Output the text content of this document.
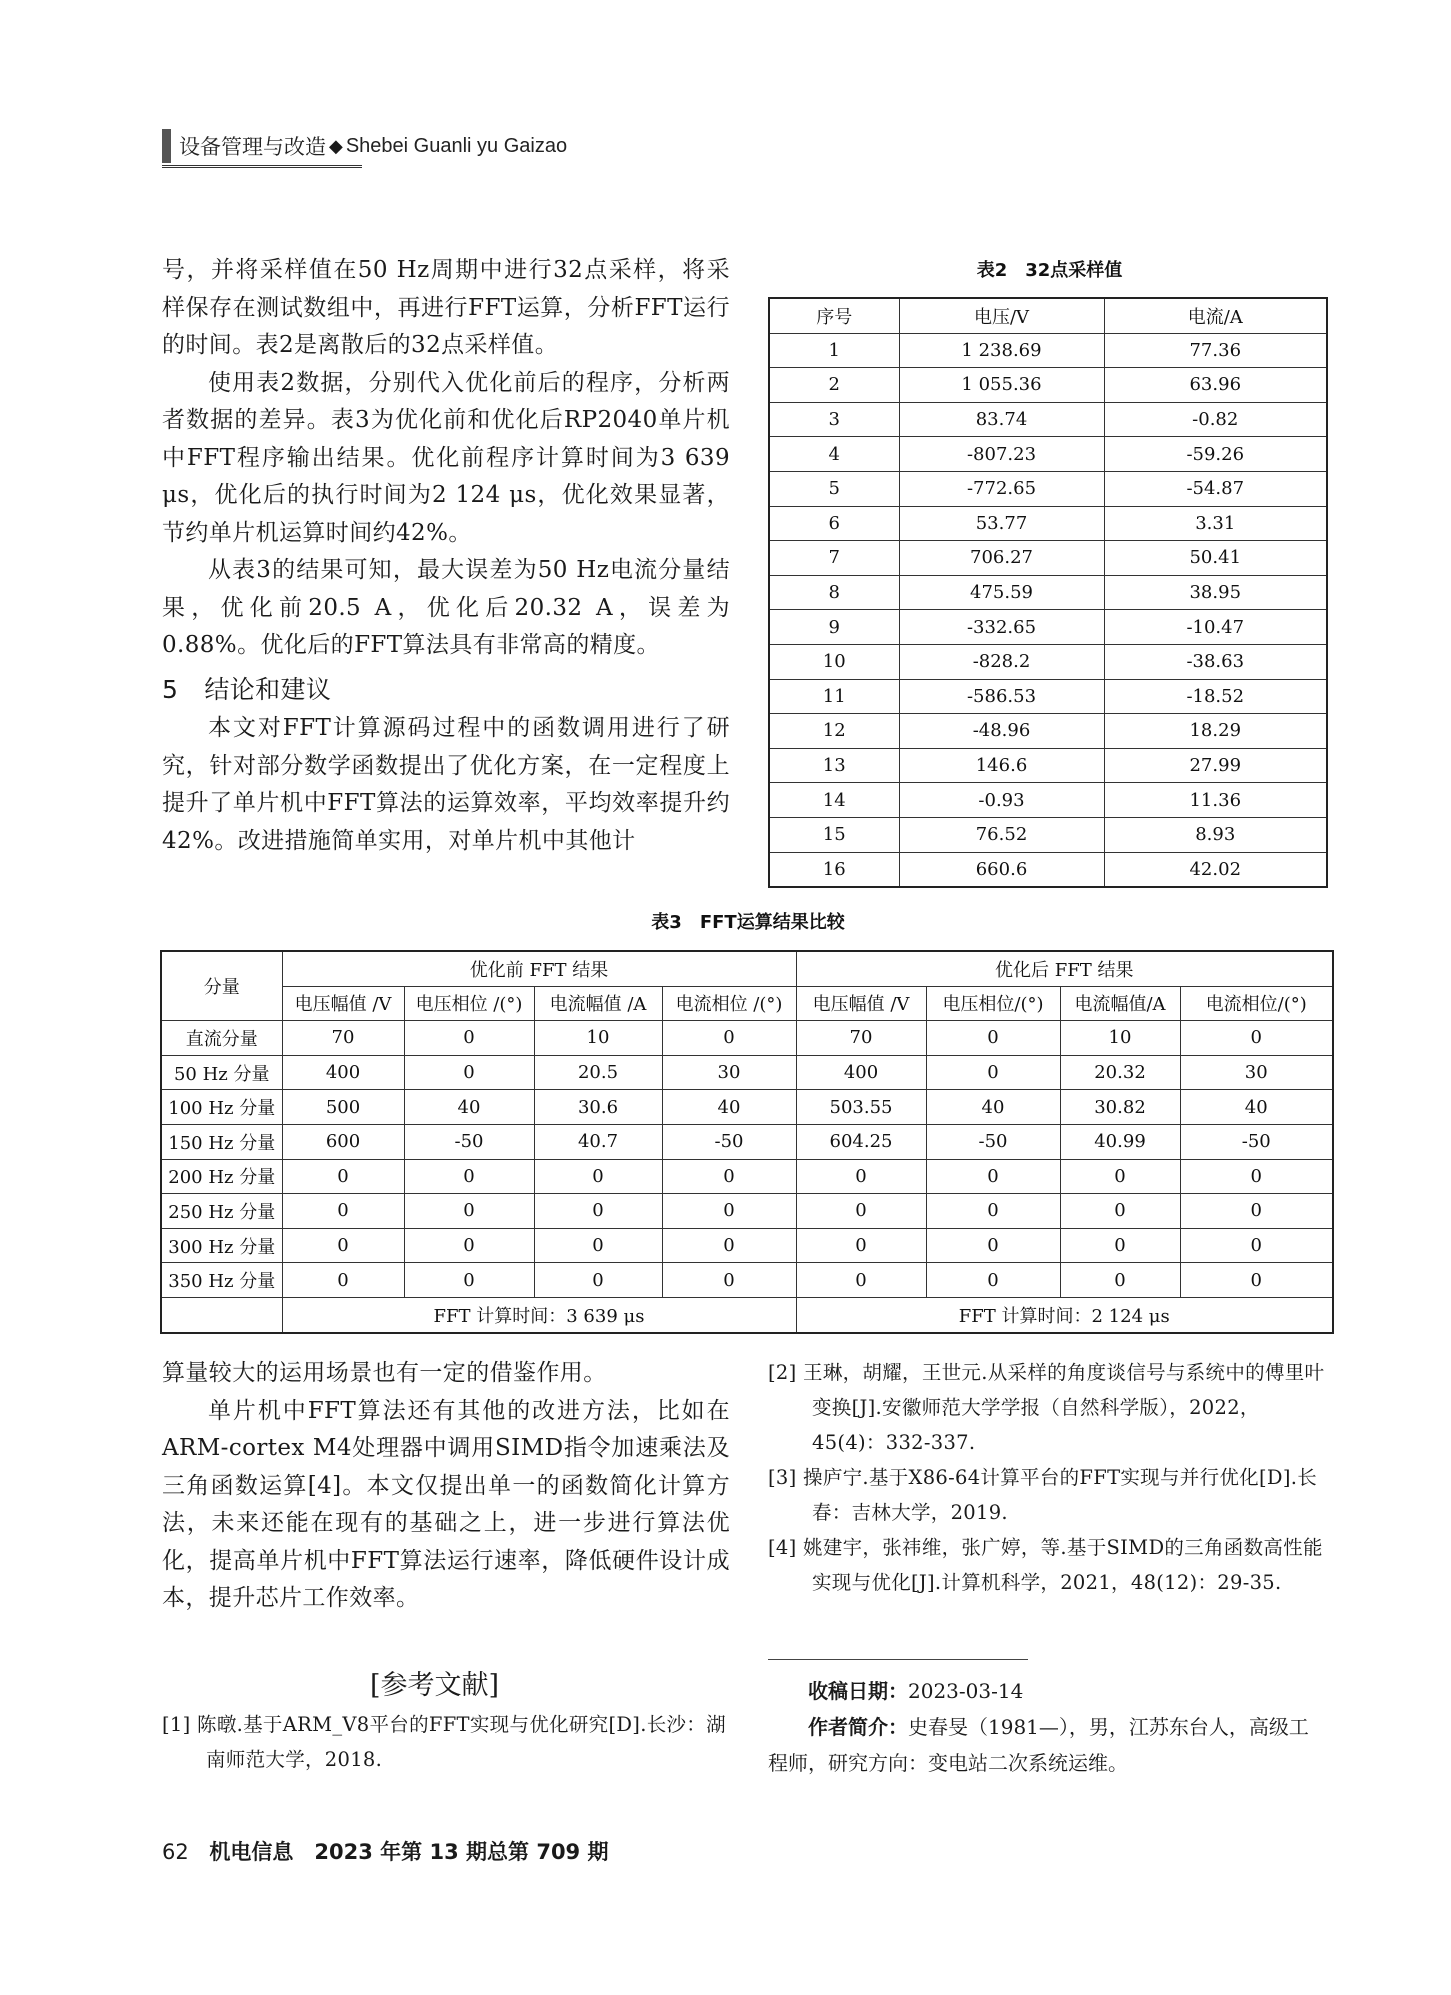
设备管理与改造 ◆ Shebei Guanli yu Gaizao

号，并将采样值在50 Hz周期中进行32点采样，将采样保存在测试数组中，再进行FFT运算，分析FFT运行的时间。表2是离散后的32点采样值。

使用表2数据，分别代入优化前后的程序，分析两者数据的差异。表3为优化前和优化后RP2040单片机中FFT程序输出结果。优化前程序计算时间为3 639 μs，优化后的执行时间为2 124 μs，优化效果显著，节约单片机运算时间约42%。

从表3的结果可知，最大误差为50 Hz电流分量结果，优化前20.5 A，优化后20.32 A，误差为0.88%。优化后的FFT算法具有非常高的精度。

5 结论和建议

本文对FFT计算源码过程中的函数调用进行了研究，针对部分数学函数提出了优化方案，在一定程度上提升了单片机中FFT算法的运算效率，平均效率提升约42%。改进措施简单实用，对单片机中其他计

表2　32点采样值
序号	电压/V	电流/A
1	1 238.69	77.36
2	1 055.36	63.96
3	83.74	-0.82
4	-807.23	-59.26
5	-772.65	-54.87
6	53.77	3.31
7	706.27	50.41
8	475.59	38.95
9	-332.65	-10.47
10	-828.2	-38.63
11	-586.53	-18.52
12	-48.96	18.29
13	146.6	27.99
14	-0.93	11.36
15	76.52	8.93
16	660.6	42.02
表3　FFT运算结果比较
分量	优化前 FFT 结果				优化后 FFT 结果			
	电压幅值 /V	电压相位 /(°)	电流幅值 /A	电流相位 /(°)	电压幅值 /V	电压相位/(°)	电流幅值/A	电流相位/(°)
直流分量	70	0	10	0	70	0	10	0
50 Hz 分量	400	0	20.5	30	400	0	20.32	30
100 Hz 分量	500	40	30.6	40	503.55	40	30.82	40
150 Hz 分量	600	-50	40.7	-50	604.25	-50	40.99	-50
200 Hz 分量	0	0	0	0	0	0	0	0
250 Hz 分量	0	0	0	0	0	0	0	0
300 Hz 分量	0	0	0	0	0	0	0	0
350 Hz 分量	0	0	0	0	0	0	0	0
	FFT 计算时间：3 639 μs				FFT 计算时间：2 124 μs			

算量较大的运用场景也有一定的借鉴作用。

单片机中FFT算法还有其他的改进方法，比如在ARM-cortex M4处理器中调用SIMD指令加速乘法及三角函数运算[4]。本文仅提出单一的函数简化计算方法，未来还能在现有的基础之上，进一步进行算法优化，提高单片机中FFT算法运行速率，降低硬件设计成本，提升芯片工作效率。

[参考文献]
[1] 陈暾.基于ARM_V8平台的FFT实现与优化研究[D].长沙：湖南师范大学，2018.
[2] 王琳，胡耀，王世元.从采样的角度谈信号与系统中的傅里叶变换[J].安徽师范大学学报（自然科学版），2022，45(4)：332-337.
[3] 操庐宁.基于X86-64计算平台的FFT实现与并行优化[D].长春：吉林大学，2019.
[4] 姚建宇，张祎维，张广婷，等.基于SIMD的三角函数高性能实现与优化[J].计算机科学，2021，48(12)：29-35.
收稿日期：2023-03-14
作者简介：史春旻（1981—），男，江苏东台人，高级工程师，研究方向：变电站二次系统运维。
62 机电信息　2023 年第 13 期总第 709 期
